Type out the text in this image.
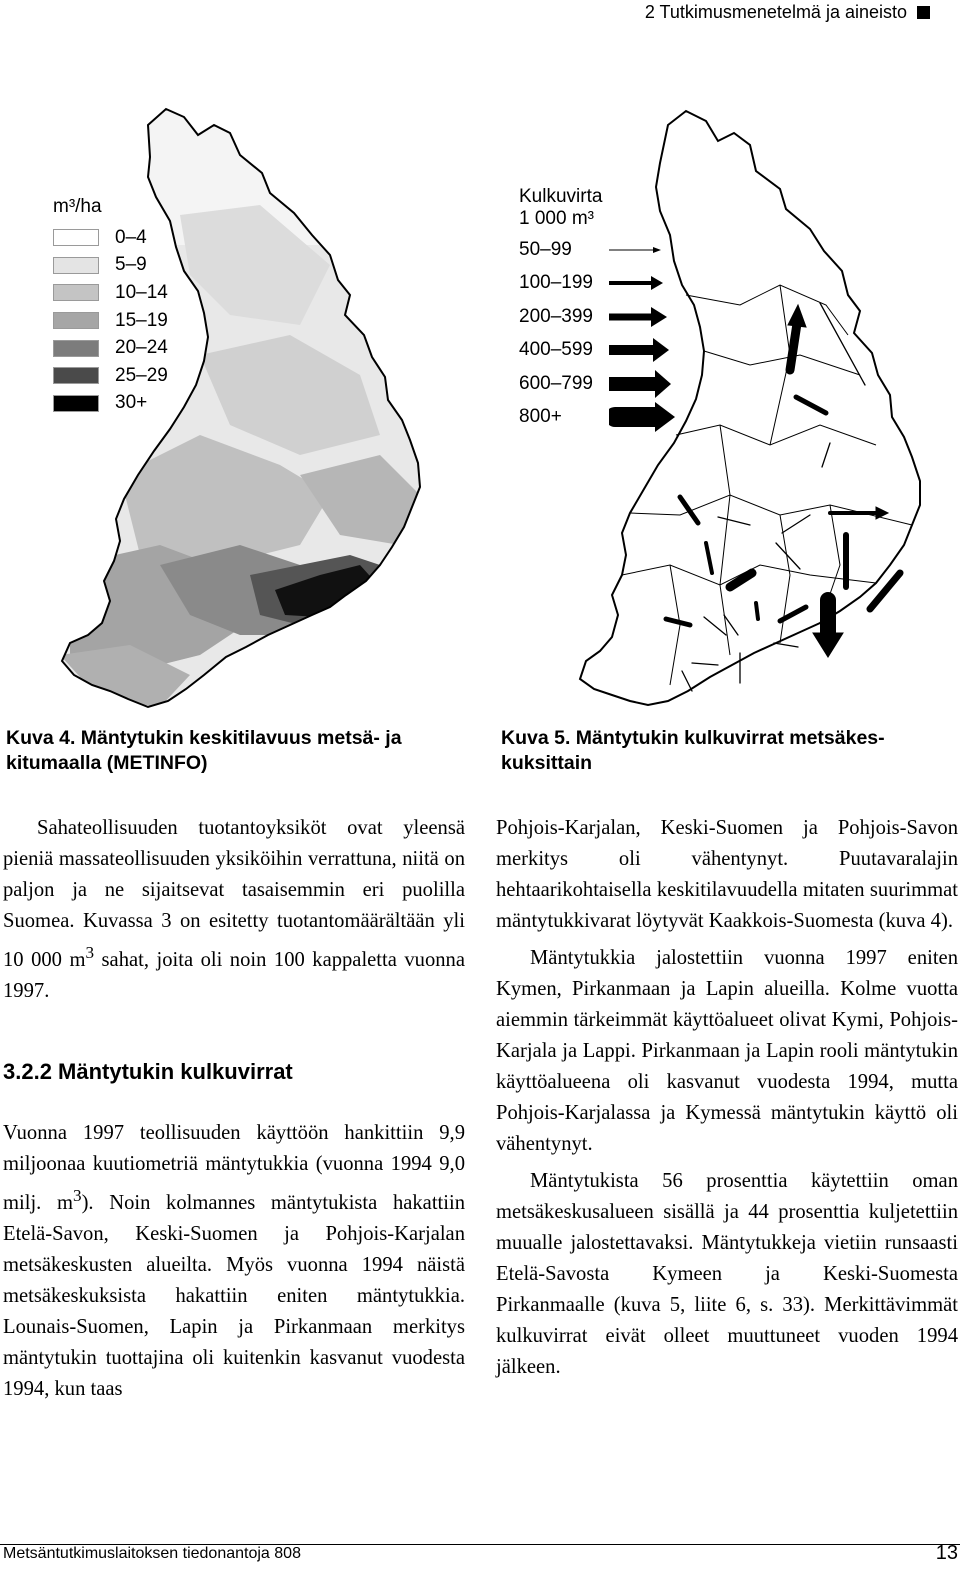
2 Tutkimusmenetelmä ja aineisto
m³/ha
0–4
5–9
10–14
15–19
20–24
25–29
30+
Kulkuvirta
1 000 m³
50–99
100–199
200–399
400–599
600–799
800+
Kuva 4. Mäntytukin keskitilavuus metsä- ja
kitumaalla (METINFO)
Kuva 5. Mäntytukin kulkuvirrat metsäkes-
kuksittain

Sahateollisuuden tuotantoyksiköt ovat yleensä pieniä massateollisuuden yksiköihin verrattuna, niitä on paljon ja ne sijaitsevat tasaisemmin eri puolilla Suomea. Kuvassa 3 on esitetty tuotantomäärältään yli 10 000 $m^3$ sahat, joita oli noin 100 kappaletta vuonna 1997.

3.2.2 Mäntytukin kulkuvirrat

Vuonna 1997 teollisuuden käyttöön hankittiin 9,9 miljoonaa kuutiometriä mäntytukkia (vuonna 1994 9,0 milj. $m^3$). Noin kolmannes mäntytukista hakattiin Etelä-Savon, Keski-Suomen ja Pohjois-Karjalan metsäkeskusten alueilta. Myös vuonna 1994 näistä metsäkeskuksista hakattiin eniten mäntytukkia. Lounais-Suomen, Lapin ja Pirkanmaan merkitys mäntytukin tuottajina oli kuitenkin kasvanut vuodesta 1994, kun taas

Pohjois-Karjalan, Keski-Suomen ja Pohjois-Savon merkitys oli vähentynyt. Puutavaralajin hehtaarikohtaisella keskitilavuudella mitaten suurimmat mäntytukkivarat löytyvät Kaakkois-Suomesta (kuva 4).

Mäntytukkia jalostettiin vuonna 1997 eniten Kymen, Pirkanmaan ja Lapin alueilla. Kolme vuotta aiemmin tärkeimmät käyttöalueet olivat Kymi, Pohjois-Karjala ja Lappi. Pirkanmaan ja Lapin rooli mäntytukin käyttöalueena oli kasvanut vuodesta 1994, mutta Pohjois-Karjalassa ja Kymessä mäntytukin käyttö oli vähentynyt.

Mäntytukista 56 prosenttia käytettiin oman metsäkeskusalueen sisällä ja 44 prosenttia kuljetettiin muualle jalostettavaksi. Mäntytukkeja vietiin runsaasti Etelä-Savosta Kymeen ja Keski-Suomesta Pirkanmaalle (kuva 5, liite 6, s. 33). Merkittävimmät kulkuvirrat eivät olleet muuttuneet vuoden 1994 jälkeen.

Metsäntutkimuslaitoksen tiedonantoja 808	13
